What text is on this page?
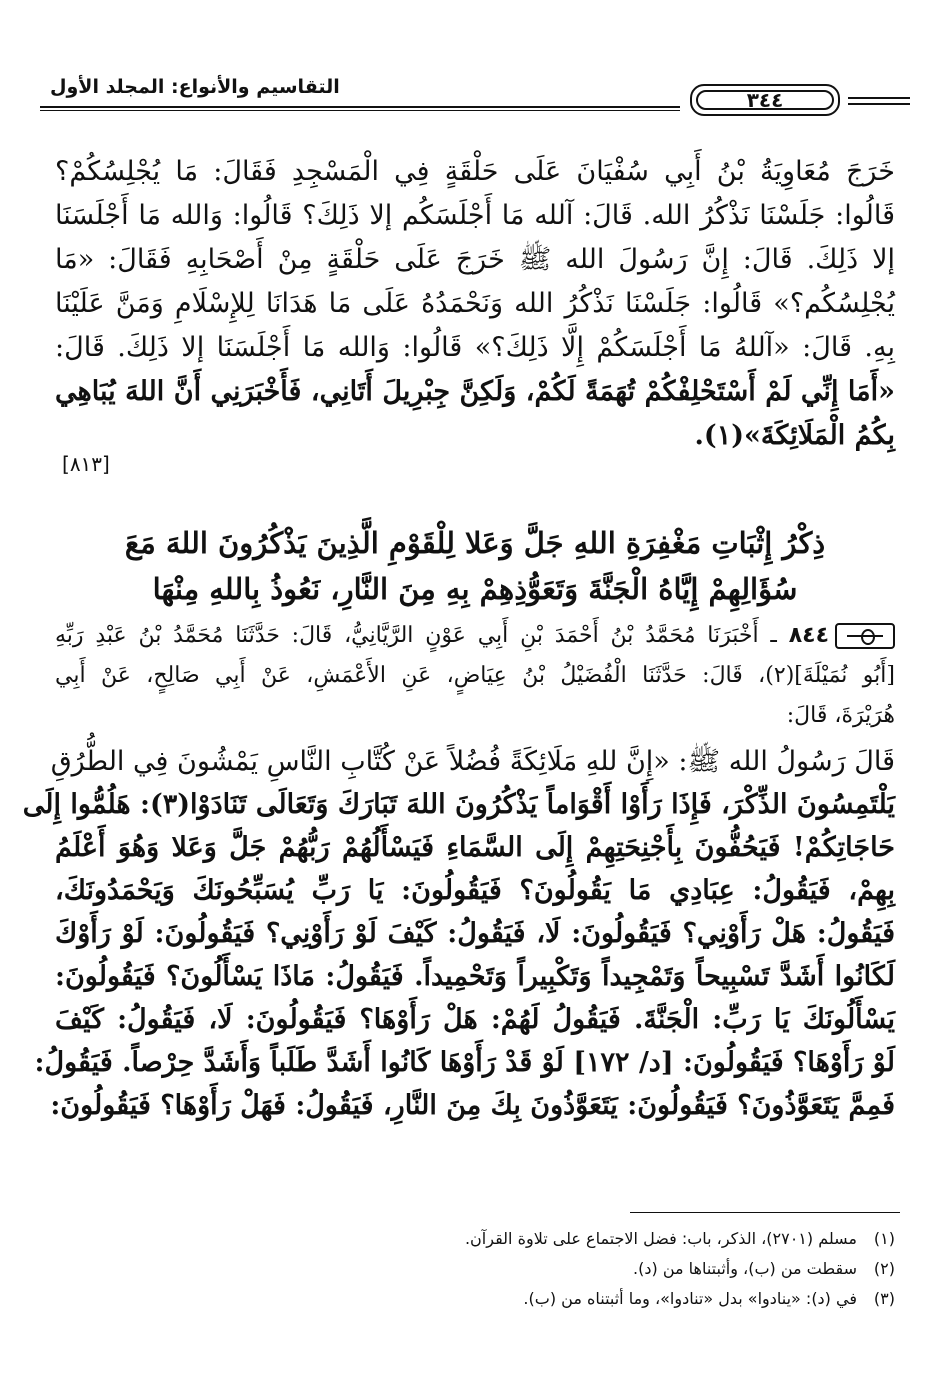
التقاسيم والأنواع: المجلد الأول
٣٤٤
خَرَجَ مُعَاوِيَةُ بْنُ أَبِي سُفْيَانَ عَلَى حَلْقَةٍ فِي الْمَسْجِدِ فَقَالَ: مَا يُجْلِسُكُمْ؟
قَالُوا: جَلَسْنَا نَذْكُرُ الله. قَالَ: آلله مَا أَجْلَسَكُم إلا ذَلِكَ؟ قَالُوا: وَالله مَا أَجْلَسَنَا
إلا ذَلِكَ. قَالَ: إِنَّ رَسُولَ الله ﷺ خَرَجَ عَلَى حَلْقَةٍ مِنْ أَصْحَابِهِ فَقَالَ: «مَا
يُجْلِسُكُم؟» قَالُوا: جَلَسْنَا نَذْكُرُ الله وَنَحْمَدُهُ عَلَى مَا هَدَانَا لِلإِسْلَامِ وَمَنَّ عَلَيْنَا
بِهِ. قَالَ: «آللهُ مَا أَجْلَسَكُمْ إِلَّا ذَلِكَ؟» قَالُوا: وَالله مَا أَجْلَسَنَا إلا ذَلِكَ. قَالَ:
«أَمَا إِنِّي لَمْ أَسْتَحْلِفْكُمْ تُهَمَةً لَكُمْ، وَلَكِنَّ جِبْرِيلَ أَتَانِي، فَأَخْبَرَنِي أَنَّ اللهَ يُبَاهِي
بِكُمُ الْمَلَائِكَةَ»(١).
[٨١٣]
ذِكْرُ إِثْبَاتِ مَغْفِرَةِ اللهِ جَلَّ وَعَلا لِلْقَوْمِ الَّذِينَ يَذْكُرُونَ اللهَ مَعَ
سُؤَالِهِمْ إِيَّاهُ الْجَنَّةَ وَتَعَوُّذِهِمْ بِهِ مِنَ النَّارِ، نَعُوذُ بِاللهِ مِنْهَا
٨٤٤ ـ أَخْبَرَنَا مُحَمَّدُ بْنُ أَحْمَدَ بْنِ أَبِي عَوْنٍ الرَّيَّانِيُّ، قَالَ: حَدَّثَنَا مُحَمَّدُ بْنُ عَبْدِ رَبِّهِ
[أَبُو نُمَيْلَةَ](٢)، قَالَ: حَدَّثَنَا الْفُضَيْلُ بْنُ عِيَاضٍ، عَنِ الأَعْمَشِ، عَنْ أَبِي صَالِحٍ، عَنْ أَبِي
هُرَيْرَةَ، قَالَ:
قَالَ رَسُولُ الله ﷺ: «إِنَّ للهِ مَلَائِكَةً فُضُلاً عَنْ كُتَّابِ النَّاسِ يَمْشُونَ فِي الطُّرُقِ
يَلْتَمِسُونَ الذِّكْرَ، فَإِذَا رَأَوْا أَقْوَاماً يَذْكُرُونَ اللهَ تَبَارَكَ وَتَعَالَى تَنَادَوْا(٣): هَلُمُّوا إِلَى
حَاجَاتِكُمْ! فَيَحُفُّونَ بِأَجْنِحَتِهِمْ إِلَى السَّمَاءِ فَيَسْأَلُهُمْ رَبُّهُمْ جَلَّ وَعَلا وَهُوَ أَعْلَمُ
بِهِمْ، فَيَقُولُ: عِبَادِي مَا يَقُولُونَ؟ فَيَقُولُونَ: يَا رَبِّ يُسَبِّحُونَكَ وَيَحْمَدُونَكَ،
فَيَقُولُ: هَلْ رَأَوْنِي؟ فَيَقُولُونَ: لَا، فَيَقُولُ: كَيْفَ لَوْ رَأَوْنِي؟ فَيَقُولُونَ: لَوْ رَأَوْكَ
لَكَانُوا أَشَدَّ تَسْبِيحاً وَتَمْجِيداً وَتَكْبِيراً وَتَحْمِيداً. فَيَقُولُ: مَاذَا يَسْأَلُونَ؟ فَيَقُولُونَ:
يَسْأَلُونَكَ يَا رَبِّ: الْجَنَّةَ. فَيَقُولُ لَهُمْ: هَلْ رَأَوْهَا؟ فَيَقُولُونَ: لَا، فَيَقُولُ: كَيْفَ
لَوْ رَأَوْهَا؟ فَيَقُولُونَ: [د/ ١٧٢] لَوْ قَدْ رَأَوْهَا كَانُوا أَشَدَّ طَلَباً وَأَشَدَّ حِرْصاً. فَيَقُولُ:
فَمِمَّ يَتَعَوَّذُونَ؟ فَيَقُولُونَ: يَتَعَوَّذُونَ بِكَ مِنَ النَّارِ، فَيَقُولُ: فَهَلْ رَأَوْهَا؟ فَيَقُولُونَ:
(١)مسلم (٢٧٠١)، الذكر، باب: فضل الاجتماع على تلاوة القرآن.
(٢)سقطت من (ب)، وأثبتناها من (د).
(٣)في (د): «ينادوا» بدل «تنادوا»، وما أثبتناه من (ب).
